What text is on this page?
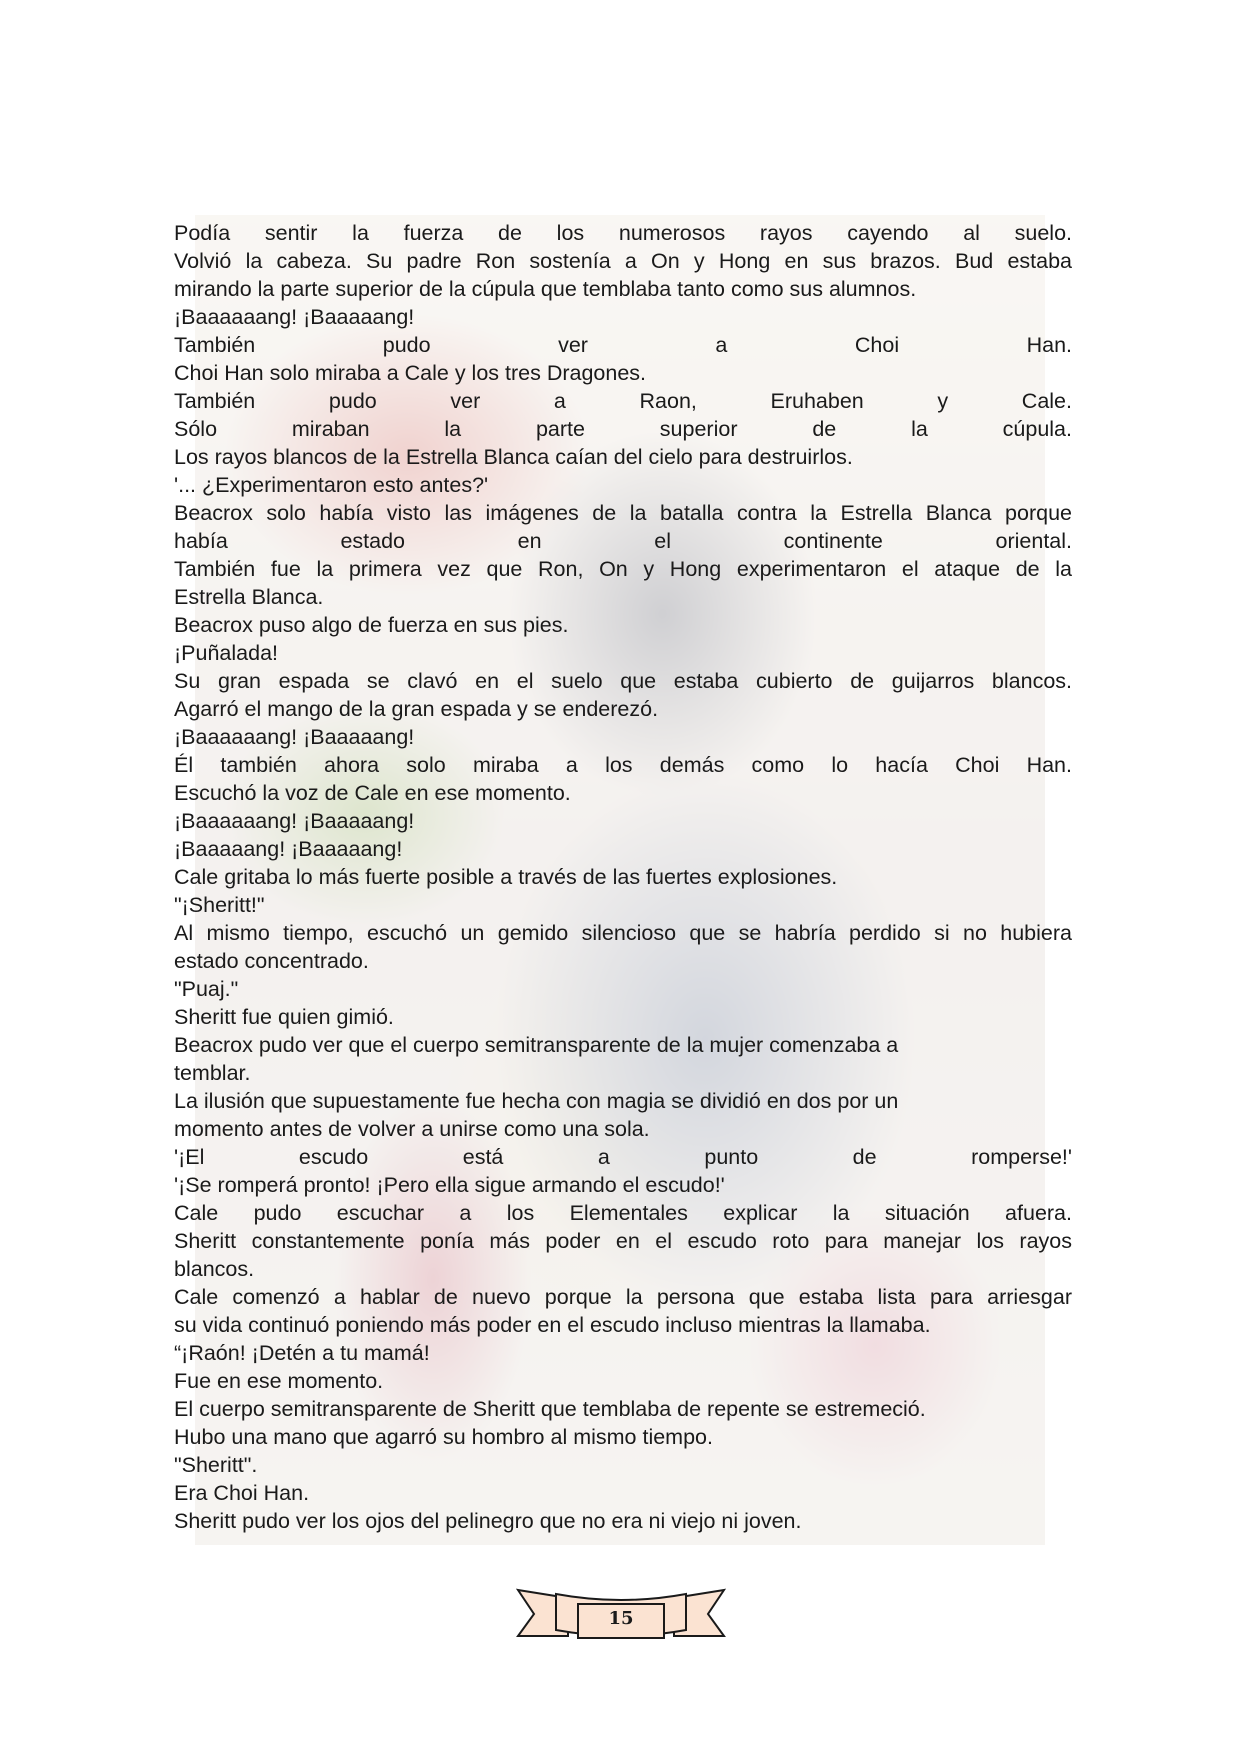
Podía sentir la fuerza de los numerosos rayos cayendo al suelo.
Volvió la cabeza. Su padre Ron sostenía a On y Hong en sus brazos. Bud estaba
mirando la parte superior de la cúpula que temblaba tanto como sus alumnos.
¡Baaaaaang! ¡Baaaaang!
También pudo ver a Choi Han.
Choi Han solo miraba a Cale y los tres Dragones.
También pudo ver a Raon, Eruhaben y Cale.
Sólo miraban la parte superior de la cúpula.
Los rayos blancos de la Estrella Blanca caían del cielo para destruirlos.
'... ¿Experimentaron esto antes?'
Beacrox solo había visto las imágenes de la batalla contra la Estrella Blanca porque
había estado en el continente oriental.
También fue la primera vez que Ron, On y Hong experimentaron el ataque de la
Estrella Blanca.
Beacrox puso algo de fuerza en sus pies.
¡Puñalada!
Su gran espada se clavó en el suelo que estaba cubierto de guijarros blancos.
Agarró el mango de la gran espada y se enderezó.
¡Baaaaaang! ¡Baaaaang!
Él también ahora solo miraba a los demás como lo hacía Choi Han.
Escuchó la voz de Cale en ese momento.
¡Baaaaaang! ¡Baaaaang!
¡Baaaaang! ¡Baaaaang!
Cale gritaba lo más fuerte posible a través de las fuertes explosiones.
"¡Sheritt!"
Al mismo tiempo, escuchó un gemido silencioso que se habría perdido si no hubiera
estado concentrado.
"Puaj."
Sheritt fue quien gimió.
Beacrox pudo ver que el cuerpo semitransparente de la mujer comenzaba a
temblar.
La ilusión que supuestamente fue hecha con magia se dividió en dos por un
momento antes de volver a unirse como una sola.
'¡El escudo está a punto de romperse!'
'¡Se romperá pronto! ¡Pero ella sigue armando el escudo!'
Cale pudo escuchar a los Elementales explicar la situación afuera.
Sheritt constantemente ponía más poder en el escudo roto para manejar los rayos
blancos.
Cale comenzó a hablar de nuevo porque la persona que estaba lista para arriesgar
su vida continuó poniendo más poder en el escudo incluso mientras la llamaba.
“¡Raón! ¡Detén a tu mamá!
Fue en ese momento.
El cuerpo semitransparente de Sheritt que temblaba de repente se estremeció.
Hubo una mano que agarró su hombro al mismo tiempo.
"Sheritt".
Era Choi Han.
Sheritt pudo ver los ojos del pelinegro que no era ni viejo ni joven.
15
